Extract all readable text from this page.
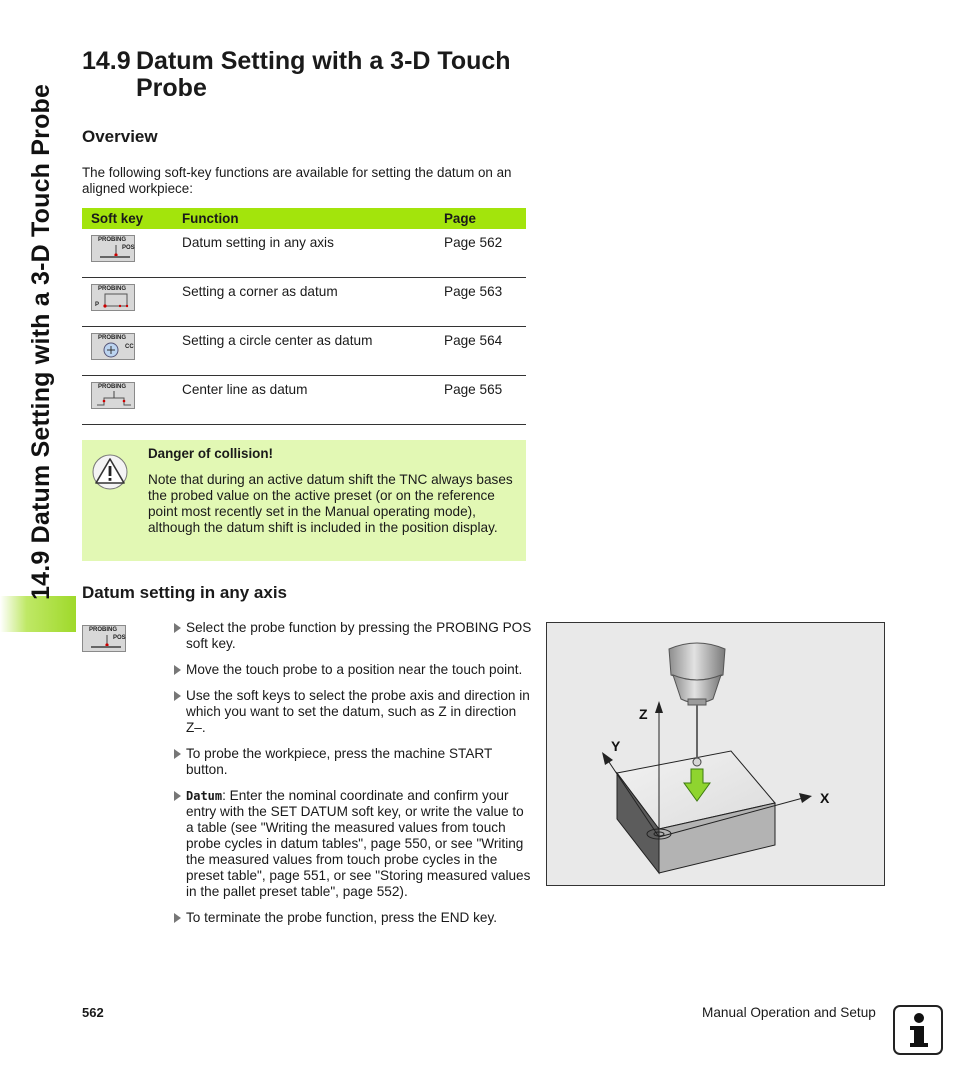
14.9 Datum Setting with a 3-D Touch Probe
14.9 Datum Setting with a 3-D Touch
Probe
Overview
The following soft-key functions are available for setting the datum on an aligned workpiece:
Soft key	Function	Page

PROBING
POS	Datum setting in any axis	Page 562

PROBING
P	Setting a corner as datum	Page 563

PROBING
CC	Setting a circle center as datum	Page 564

PROBING	Center line as datum	Page 565
Danger of collision!
Note that during an active datum shift the TNC always bases the probed value on the active preset (or on the reference point most recently set in the Manual operating mode), although the datum shift is included in the position display.
Datum setting in any axis
PROBING
POS
Select the probe function by pressing the PROBING POS soft key.
Move the touch probe to a position near the touch point.
Use the soft keys to select the probe axis and direction in which you want to set the datum, such as Z in direction Z–.
To probe the workpiece, press the machine START button.
Datum: Enter the nominal coordinate and confirm your entry with the SET DATUM soft key, or write the value to a table (see "Writing the measured values from touch probe cycles in datum tables", page 550, or see "Writing the measured values from touch probe cycles in the preset table", page 551, or see "Storing measured values in the pallet preset table", page 552).
To terminate the probe function, press the END key.
Z
Y
X
562	Manual Operation and Setup
